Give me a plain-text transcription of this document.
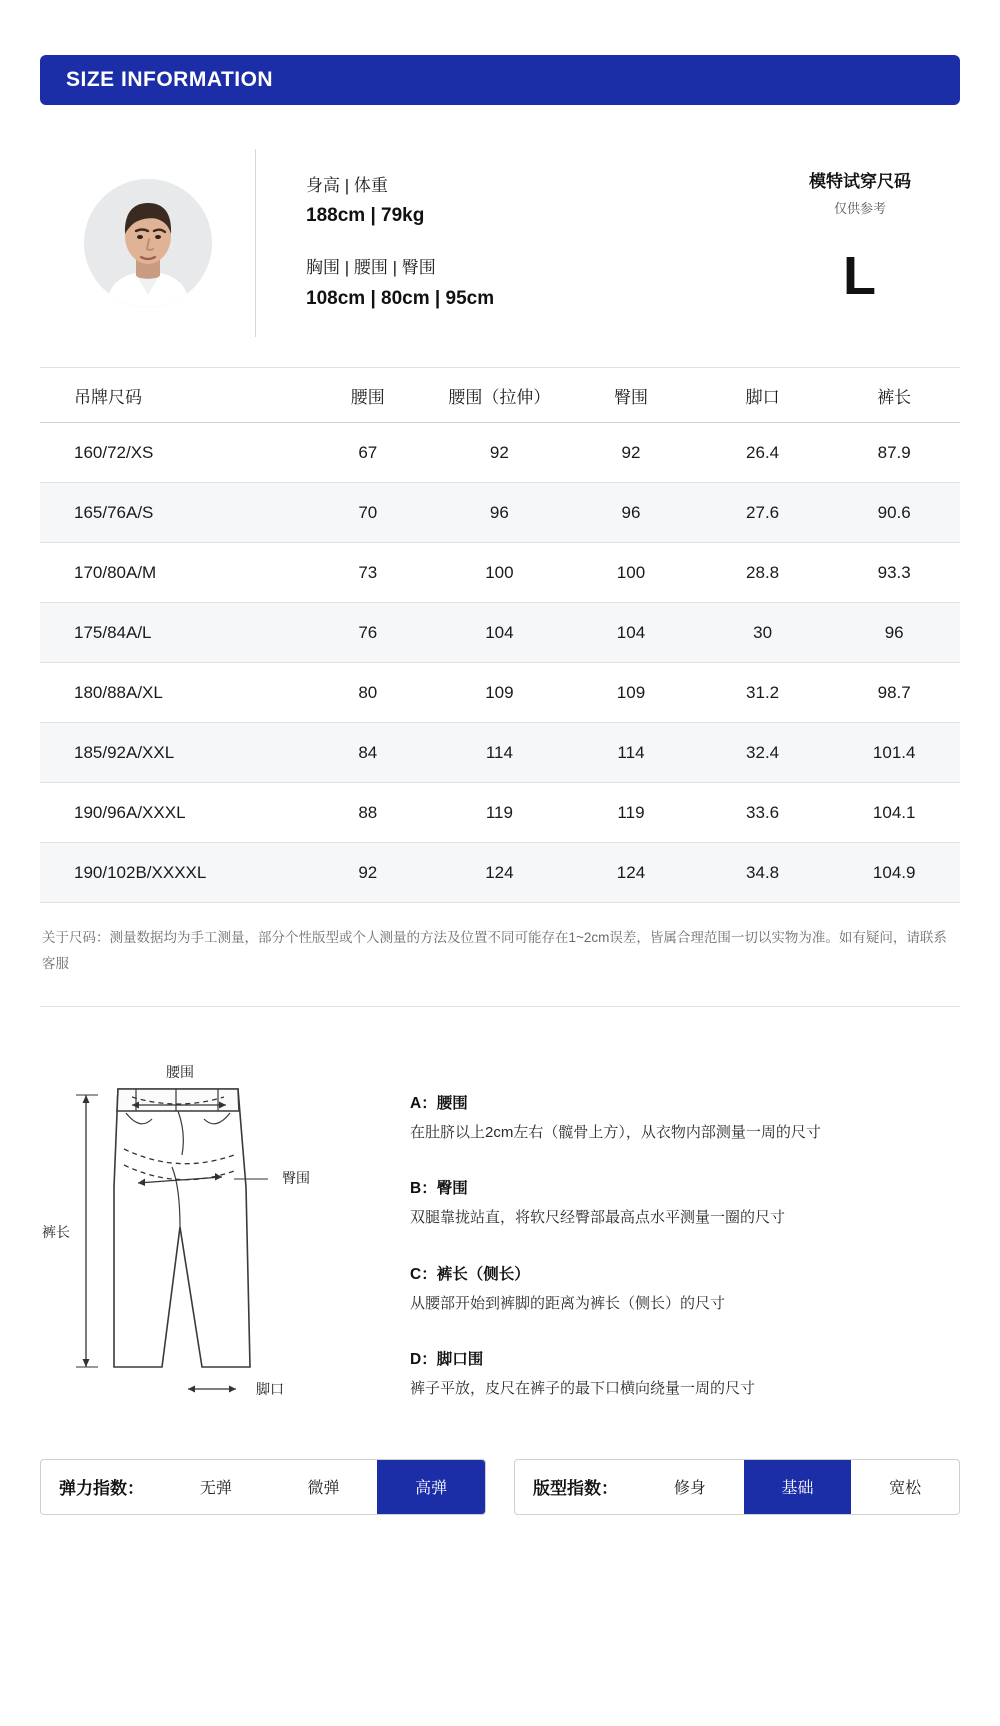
SIZE INFORMATION
身高 | 体重
188cm | 79kg
胸围 | 腰围 | 臀围
108cm | 80cm | 95cm
模特试穿尺码
仅供参考
L
吊牌尺码	腰围	腰围（拉伸）	臀围	脚口	裤长
160/72/XS	67	92	92	26.4	87.9
165/76A/S	70	96	96	27.6	90.6
170/80A/M	73	100	100	28.8	93.3
175/84A/L	76	104	104	30	96
180/88A/XL	80	109	109	31.2	98.7
185/92A/XXL	84	114	114	32.4	101.4
190/96A/XXXL	88	119	119	33.6	104.1
190/102B/XXXXL	92	124	124	34.8	104.9
关于尺码：测量数据均为手工测量，部分个性版型或个人测量的方法及位置不同可能存在1~2cm误差，皆属合理范围一切以实物为准。如有疑问，请联系客服
腰围
臀围
裤长
脚口
A：腰围
在肚脐以上2cm左右（髋骨上方），从衣物内部测量一周的尺寸
B：臀围
双腿靠拢站直，将软尺经臀部最高点水平测量一圈的尺寸
C：裤长（侧长）
从腰部开始到裤脚的距离为裤长（侧长）的尺寸
D：脚口围
裤子平放，皮尺在裤子的最下口横向绕量一周的尺寸
弹力指数：	无弹	微弹	高弹	版型指数：	修身	基础	宽松
